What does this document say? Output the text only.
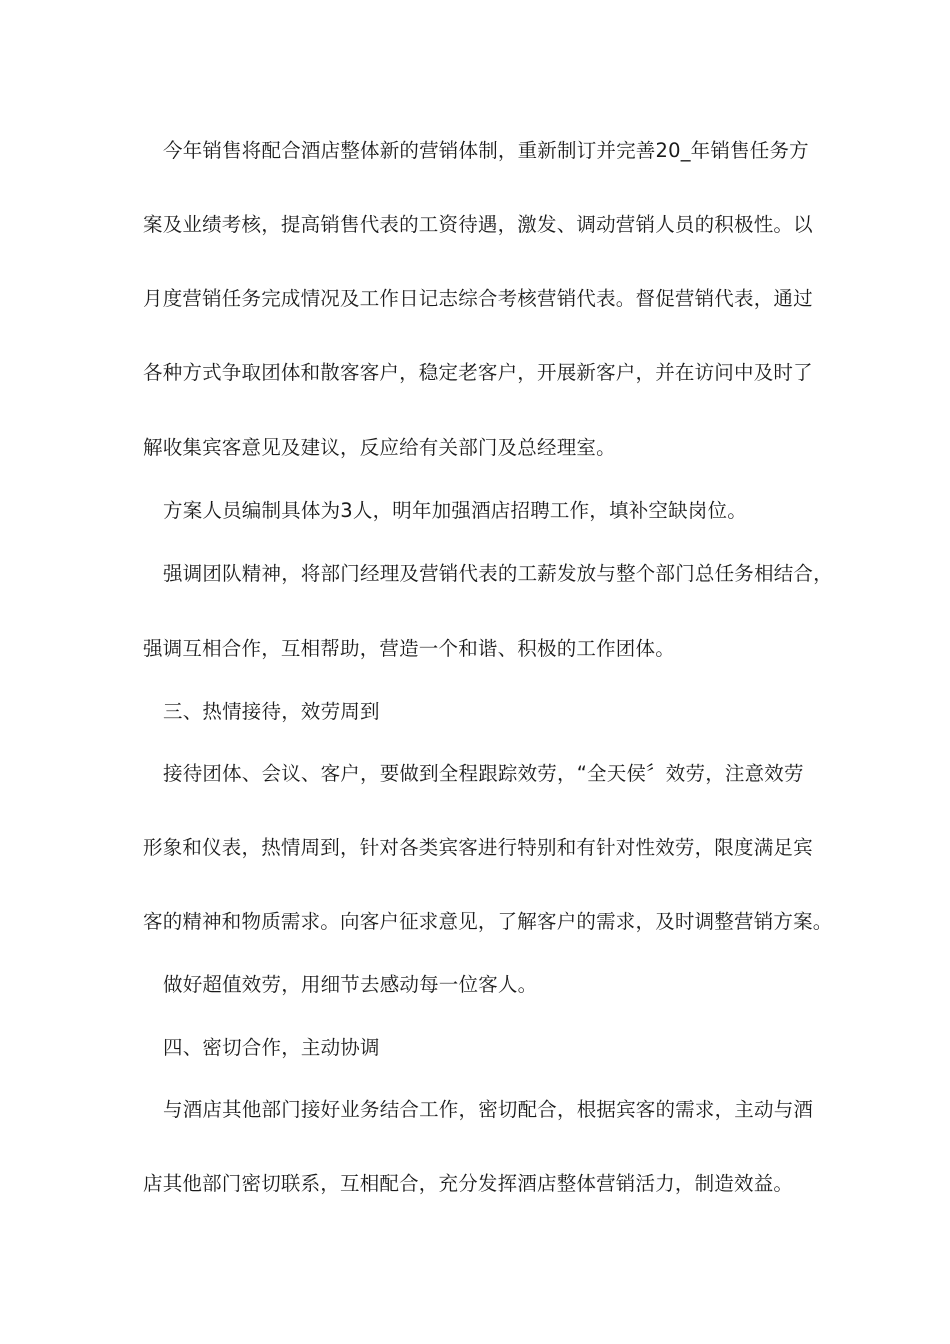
今年销售将配合酒店整体新的营销体制，重新制订并完善20_年销售任务方
案及业绩考核，提高销售代表的工资待遇，激发、调动营销人员的积极性。以
月度营销任务完成情况及工作日记志综合考核营销代表。督促营销代表，通过
各种方式争取团体和散客客户，稳定老客户，开展新客户，并在访问中及时了
解收集宾客意见及建议，反应给有关部门及总经理室。
方案人员编制具体为3人，明年加强酒店招聘工作，填补空缺岗位。
强调团队精神，将部门经理及营销代表的工薪发放与整个部门总任务相结合，
强调互相合作，互相帮助，营造一个和谐、积极的工作团体。
三、热情接待，效劳周到
接待团体、会议、客户，要做到全程跟踪效劳，“全天侯〞效劳，注意效劳
形象和仪表，热情周到，针对各类宾客进行特别和有针对性效劳，限度满足宾
客的精神和物质需求。向客户征求意见，了解客户的需求，及时调整营销方案。
做好超值效劳，用细节去感动每一位客人。
四、密切合作，主动协调
与酒店其他部门接好业务结合工作，密切配合，根据宾客的需求，主动与酒
店其他部门密切联系，互相配合，充分发挥酒店整体营销活力，制造效益。
